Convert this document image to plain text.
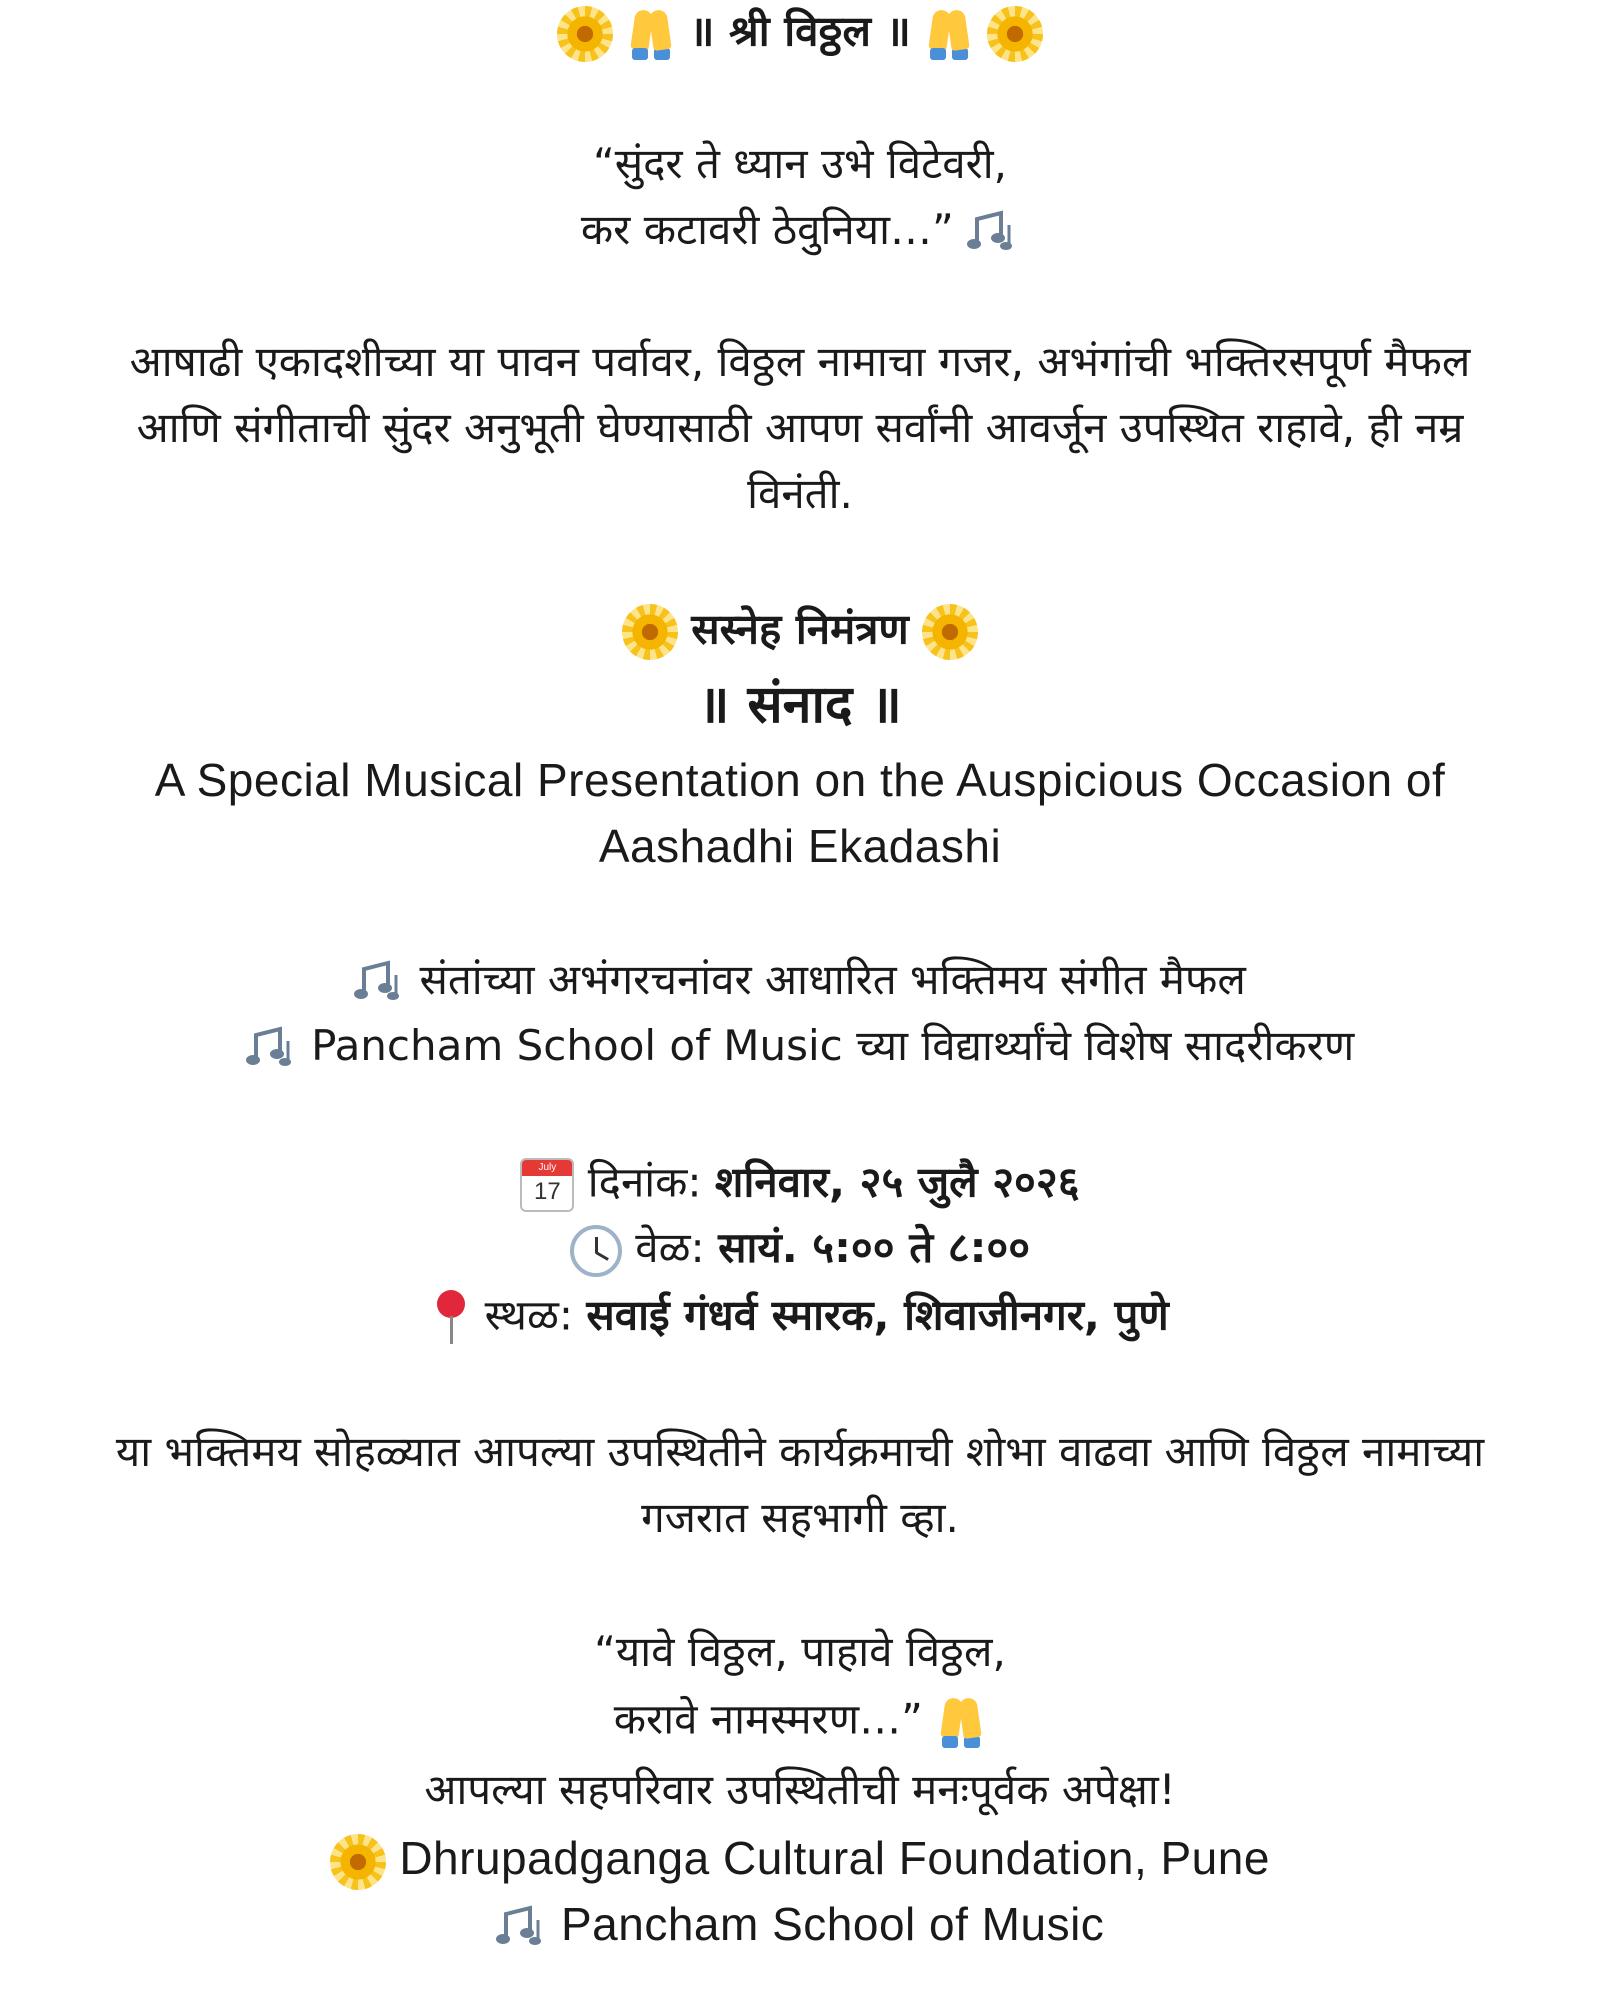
॥ श्री विठ्ठल ॥

“सुंदर ते ध्यान उभे विटेवरी,
कर कटावरी ठेवुनिया…”
आषाढी एकादशीच्या या पावन पर्वावर, विठ्ठल नामाचा गजर, अभंगांची भक्तिरसपूर्ण मैफल
आणि संगीताची सुंदर अनुभूती घेण्यासाठी आपण सर्वांनी आवर्जून उपस्थित राहावे, ही नम्र
विनंती.
सस्नेह निमंत्रण
॥ संनाद ॥
A Special Musical Presentation on the Auspicious Occasion of
Aashadhi Ekadashi
संतांच्या अभंगरचनांवर आधारित भक्तिमय संगीत मैफल
Pancham School of Music च्या विद्यार्थ्यांचे विशेष सादरीकरण
July
17 दिनांक: शनिवार, २५ जुलै २०२६
वेळ: सायं. ५:०० ते ८:००
स्थळ: सवाई गंधर्व स्मारक, शिवाजीनगर, पुणे
या भक्तिमय सोहळ्यात आपल्या उपस्थितीने कार्यक्रमाची शोभा वाढवा आणि विठ्ठल नामाच्या
गजरात सहभागी व्हा.
“यावे विठ्ठल, पाहावे विठ्ठल,
करावे नामस्मरण…”
आपल्या सहपरिवार उपस्थितीची मनःपूर्वक अपेक्षा!
Dhrupadganga Cultural Foundation, Pune
Pancham School of Music
